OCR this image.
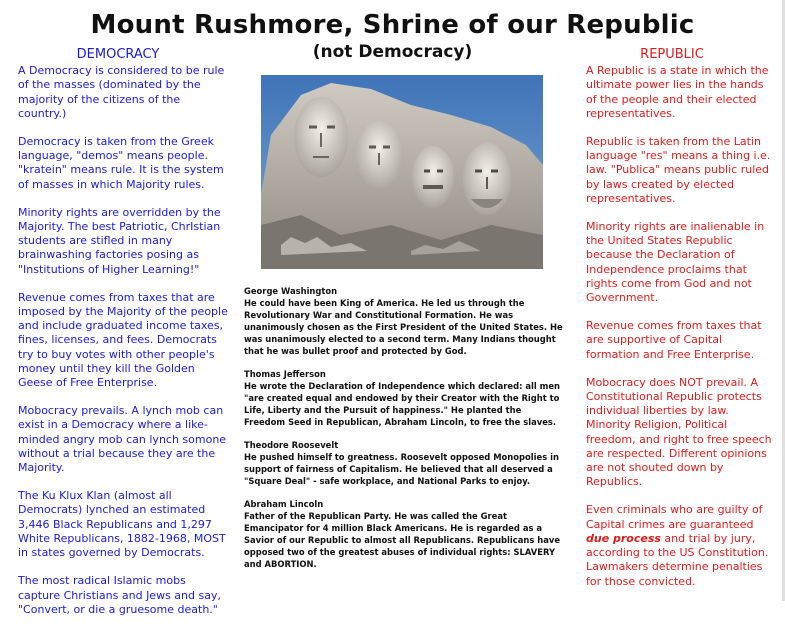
Mount Rushmore, Shrine of our Republic
(not Democracy)
DEMOCRACY

A Democracy is considered to be rule of the masses (dominated by the majority of the citizens of the country.)

Democracy is taken from the Greek language, "demos" means people. "kratein" means rule. It is the system of masses in which Majority rules.

Minority rights are overridden by the Majority. The best Patriotic, ChrIstian students are stifled in many brainwashing factories posing as "Institutions of Higher Learning!"

Revenue comes from taxes that are imposed by the Majority of the people and include graduated income taxes, fines, licenses, and fees. Democrats try to buy votes with other people's money until they kill the Golden Geese of Free Enterprise.

Mobocracy prevails. A lynch mob can exist in a Democracy where a like-minded angry mob can lynch somone without a trial because they are the Majority.

The Ku Klux Klan (almost all Democrats) lynched an estimated 3,446 Black Republicans and 1,297 White Republicans, 1882-1968, MOST in states governed by Democrats.

The most radical Islamic mobs capture Christians and Jews and say, "Convert, or die a gruesome death."

George Washington
He could have been King of America. He led us through the Revolutionary War and Constitutional Formation. He was unanimously chosen as the First President of the United States. He was unanimously elected to a second term. Many Indians thought that he was bullet proof and protected by God.
Thomas Jefferson
He wrote the Declaration of Independence which declared: all men "are created equal and endowed by their Creator with the Right to Life, Liberty and the Pursuit of happiness." He planted the Freedom Seed in Republican, Abraham Lincoln, to free the slaves.
Theodore Roosevelt
He pushed himself to greatness. Roosevelt opposed Monopolies in support of fairness of Capitalism. He believed that all deserved a "Square Deal" - safe workplace, and National Parks to enjoy.
Abraham Lincoln
Father of the Republican Party. He was called the Great Emancipator for 4 million Black Americans. He is regarded as a Savior of our Republic to almost all Republicans. Republicans have opposed two of the greatest abuses of individual rights: SLAVERY and ABORTION.
REPUBLIC

A Republic is a state in which the ultimate power lies in the hands of the people and their elected representatives.

Republic is taken from the Latin language "res" means a thing i.e. law. "Publica" means public ruled by laws created by elected representatives.

Minority rights are inalienable in the United States Republic because the Declaration of Independence proclaims that rights come from God and not Government.

Revenue comes from taxes that are supportive of Capital formation and Free Enterprise.

Mobocracy does NOT prevail. A Constitutional Republic protects individual liberties by law. Minority Religion, Political freedom, and right to free speech are respected. Different opinions are not shouted down by Republics.

Even criminals who are guilty of Capital crimes are guaranteed due process and trial by jury, according to the US Constitution. Lawmakers determine penalties for those convicted.
